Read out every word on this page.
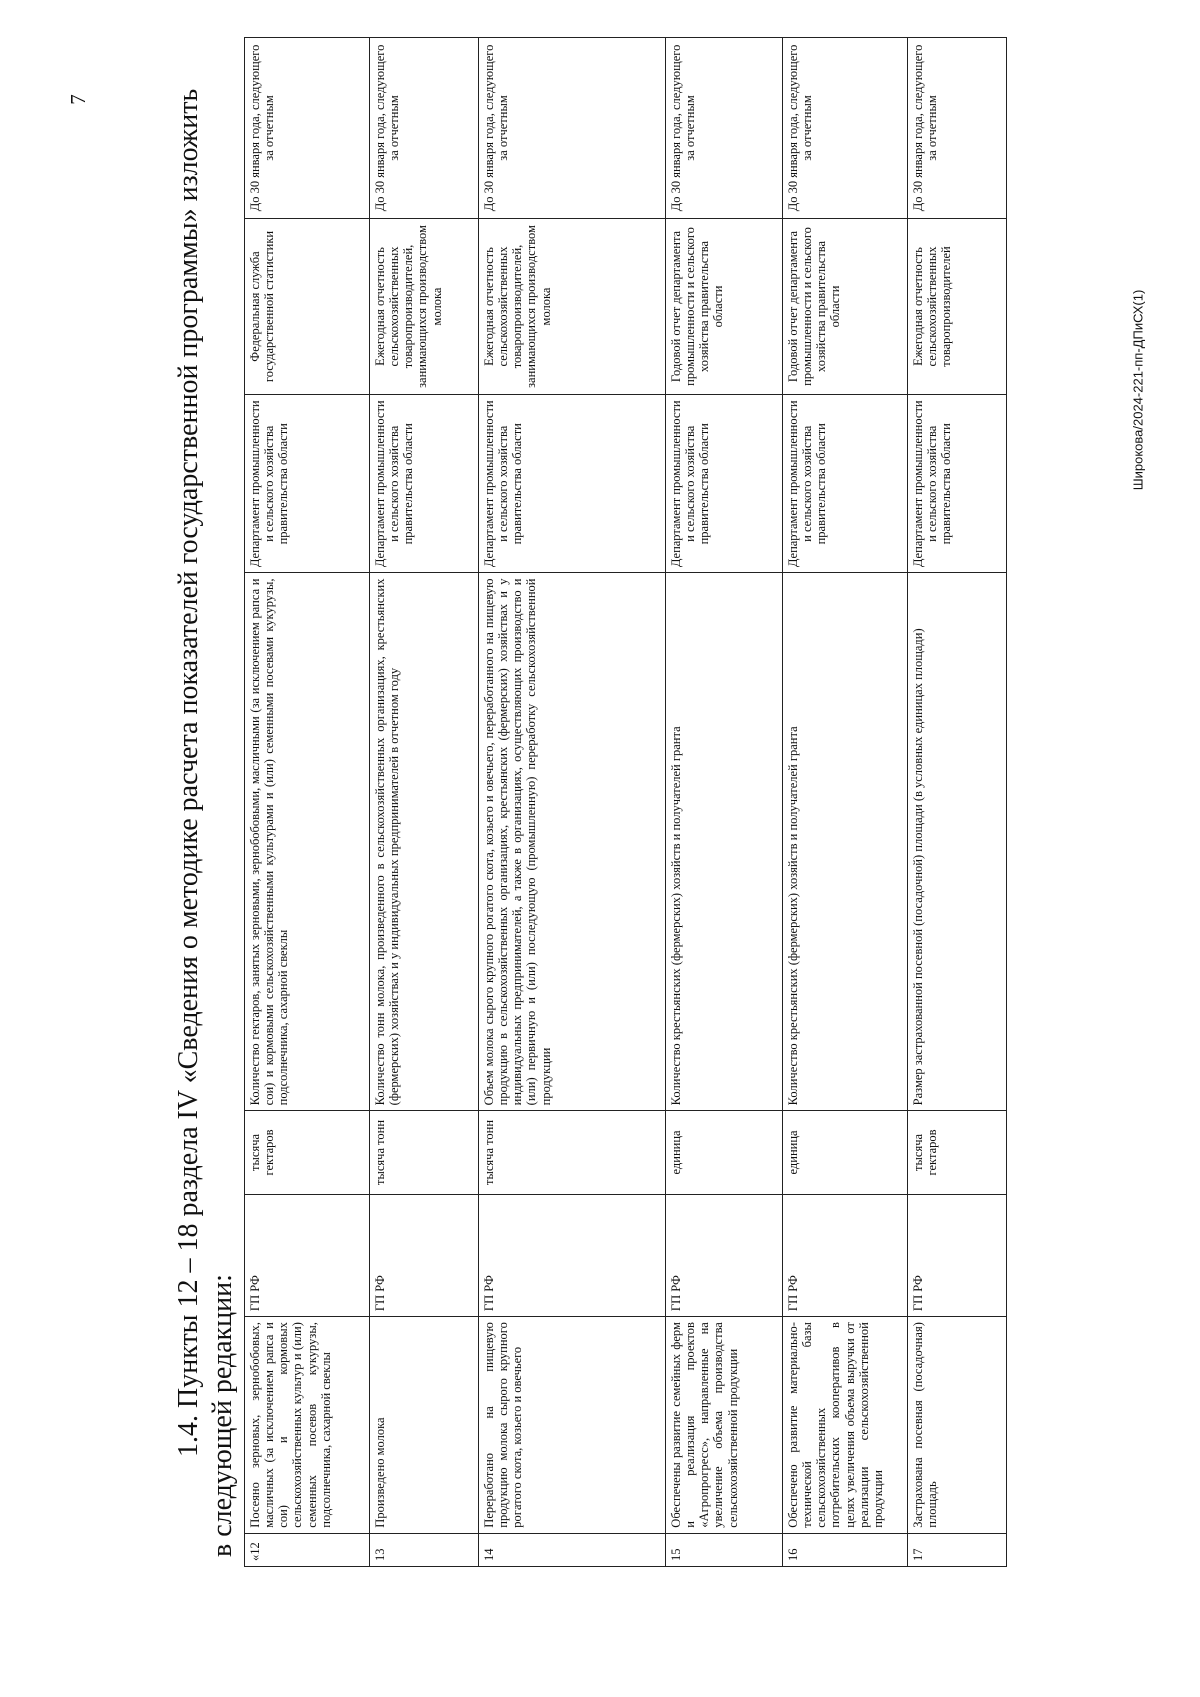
7
Широкова/2024-221-пп-ДПиСХ(1)
1.4. Пункты 12 – 18 раздела IV «Сведения о методике расчета показателей государственной программы» изложить в следующей редакции: «12	Посеяно зерновых, зернобобовых, масличных (за исключением рапса и сои) и кормовых сельскохозяйственных культур и (или) семенных посевов кукурузы, подсолнечника, сахарной свеклы	ГП РФ	тысяча гектаров	Количество гектаров, занятых зерновыми, зернобобовыми, масличными (за исключением рапса и сои) и кормовыми сельскохозяйственными культурами и (или) семенными посевами кукурузы, подсолнечника, сахарной свеклы	Департамент промышленности и сельского хозяйства правительства области	Федеральная служба государственной статистики	До 30 января года, следующего за отчетным
13	Произведено молока	ГП РФ	тысяча тонн	Количество тонн молока, произведенного в сельскохозяйственных организациях, крестьянских (фермерских) хозяйствах и у индивидуальных предпринимателей в отчетном году	Департамент промышленности и сельского хозяйства правительства области	Ежегодная отчетность сельскохозяйственных товаропроизводителей, занимающихся производством молока	До 30 января года, следующего за отчетным
14	Переработано на пищевую продукцию молока сырого крупного рогатого скота, козьего и овечьего	ГП РФ	тысяча тонн	Объем молока сырого крупного рогатого скота, козьего и овечьего, переработанного на пищевую продукцию в сельскохозяйственных организациях, крестьянских (фермерских) хозяйствах и у индивидуальных предпринимателей, а также в организациях, осуществляющих производство и (или) первичную и (или) последующую (промышленную) переработку сельскохозяйственной продукции	Департамент промышленности и сельского хозяйства правительства области	Ежегодная отчетность сельскохозяйственных товаропроизводителей, занимающихся производством молока	До 30 января года, следующего за отчетным
15	Обеспечены развитие семейных ферм и реализация проектов «Агропрогресс», направленные на увеличение объема производства сельскохозяйственной продукции	ГП РФ	единица	Количество крестьянских (фермерских) хозяйств и получателей гранта	Департамент промышленности и сельского хозяйства правительства области	Годовой отчет департамента промышленности и сельского хозяйства правительства области	До 30 января года, следующего за отчетным
16	Обеспечено развитие материально-технической базы сельскохозяйственных потребительских кооперативов в целях увеличения объема выручки от реализации сельскохозяйственной продукции	ГП РФ	единица	Количество крестьянских (фермерских) хозяйств и получателей гранта	Департамент промышленности и сельского хозяйства правительства области	Годовой отчет департамента промышленности и сельского хозяйства правительства области	До 30 января года, следующего за отчетным
17	Застрахована посевная (посадочная) площадь	ГП РФ	тысяча гектаров	Размер застрахованной посевной (посадочной) площади (в условных единицах площади)	Департамент промышленности и сельского хозяйства правительства области	Ежегодная отчетность сельскохозяйственных товаропроизводителей	До 30 января года, следующего за отчетным
